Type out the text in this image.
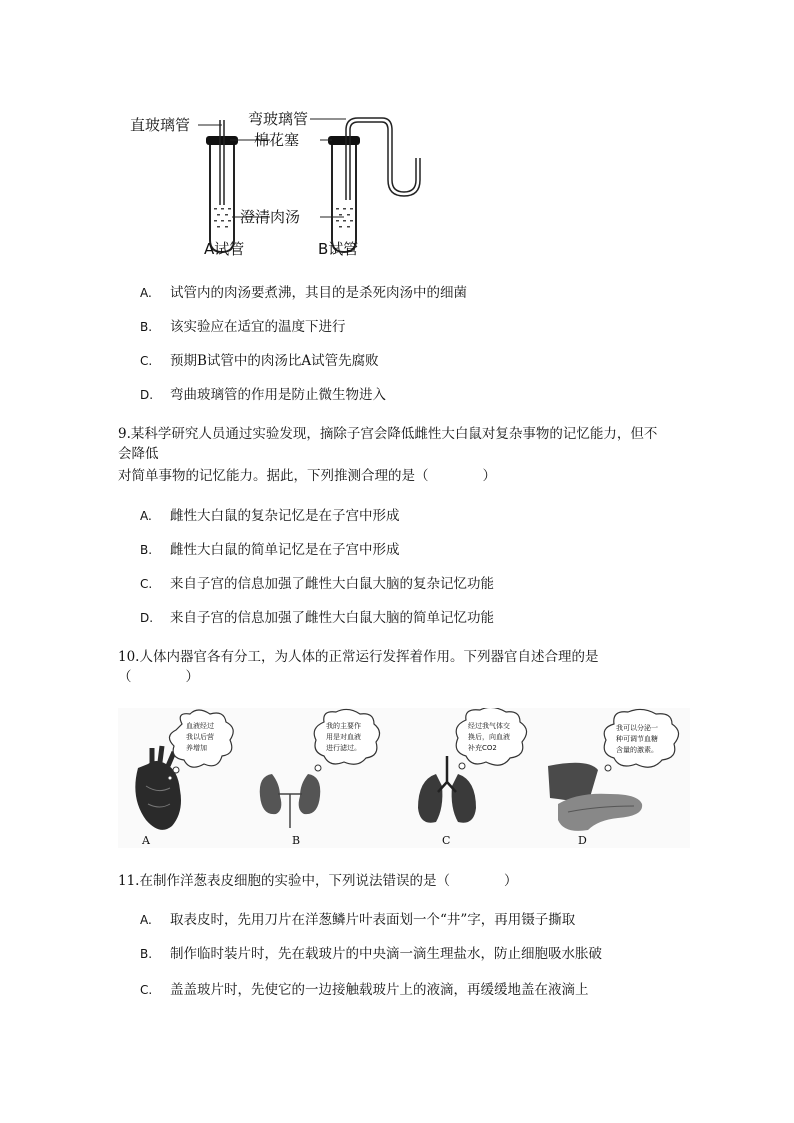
直玻璃管	弯玻璃管
棉花塞
澄清肉汤
A试管	B试管
A. 试管内的肉汤要煮沸，其目的是杀死肉汤中的细菌
B. 该实验应在适宜的温度下进行
C. 预期B试管中的肉汤比A试管先腐败
D. 弯曲玻璃管的作用是防止微生物进入
9.某科学研究人员通过实验发现，摘除子宫会降低雌性大白鼠对复杂事物的记忆能力，但不
会降低
对简单事物的记忆能力。据此，下列推测合理的是（　　　　）
A. 雌性大白鼠的复杂记忆是在子宫中形成
B. 雌性大白鼠的简单记忆是在子宫中形成
C. 来自子宫的信息加强了雌性大白鼠大脑的复杂记忆功能
D. 来自子宫的信息加强了雌性大白鼠大脑的简单记忆功能
10.人体内器官各有分工，为人体的正常运行发挥着作用。下列器官自述合理的是
（　　　　）
A
血液经过
我以后营
养增加
B
我的主要作
用是对血液
进行滤过。
C
经过我气体交
换后，向血液
补充CO2
D
我可以分泌一
种可调节血糖
含量的激素。
11.在制作洋葱表皮细胞的实验中，下列说法错误的是（　　　　）
A. 取表皮时，先用刀片在洋葱鳞片叶表面划一个“井”字，再用镊子撕取
B. 制作临时装片时，先在载玻片的中央滴一滴生理盐水，防止细胞吸水胀破
C. 盖盖玻片时，先使它的一边接触载玻片上的液滴，再缓缓地盖在液滴上
